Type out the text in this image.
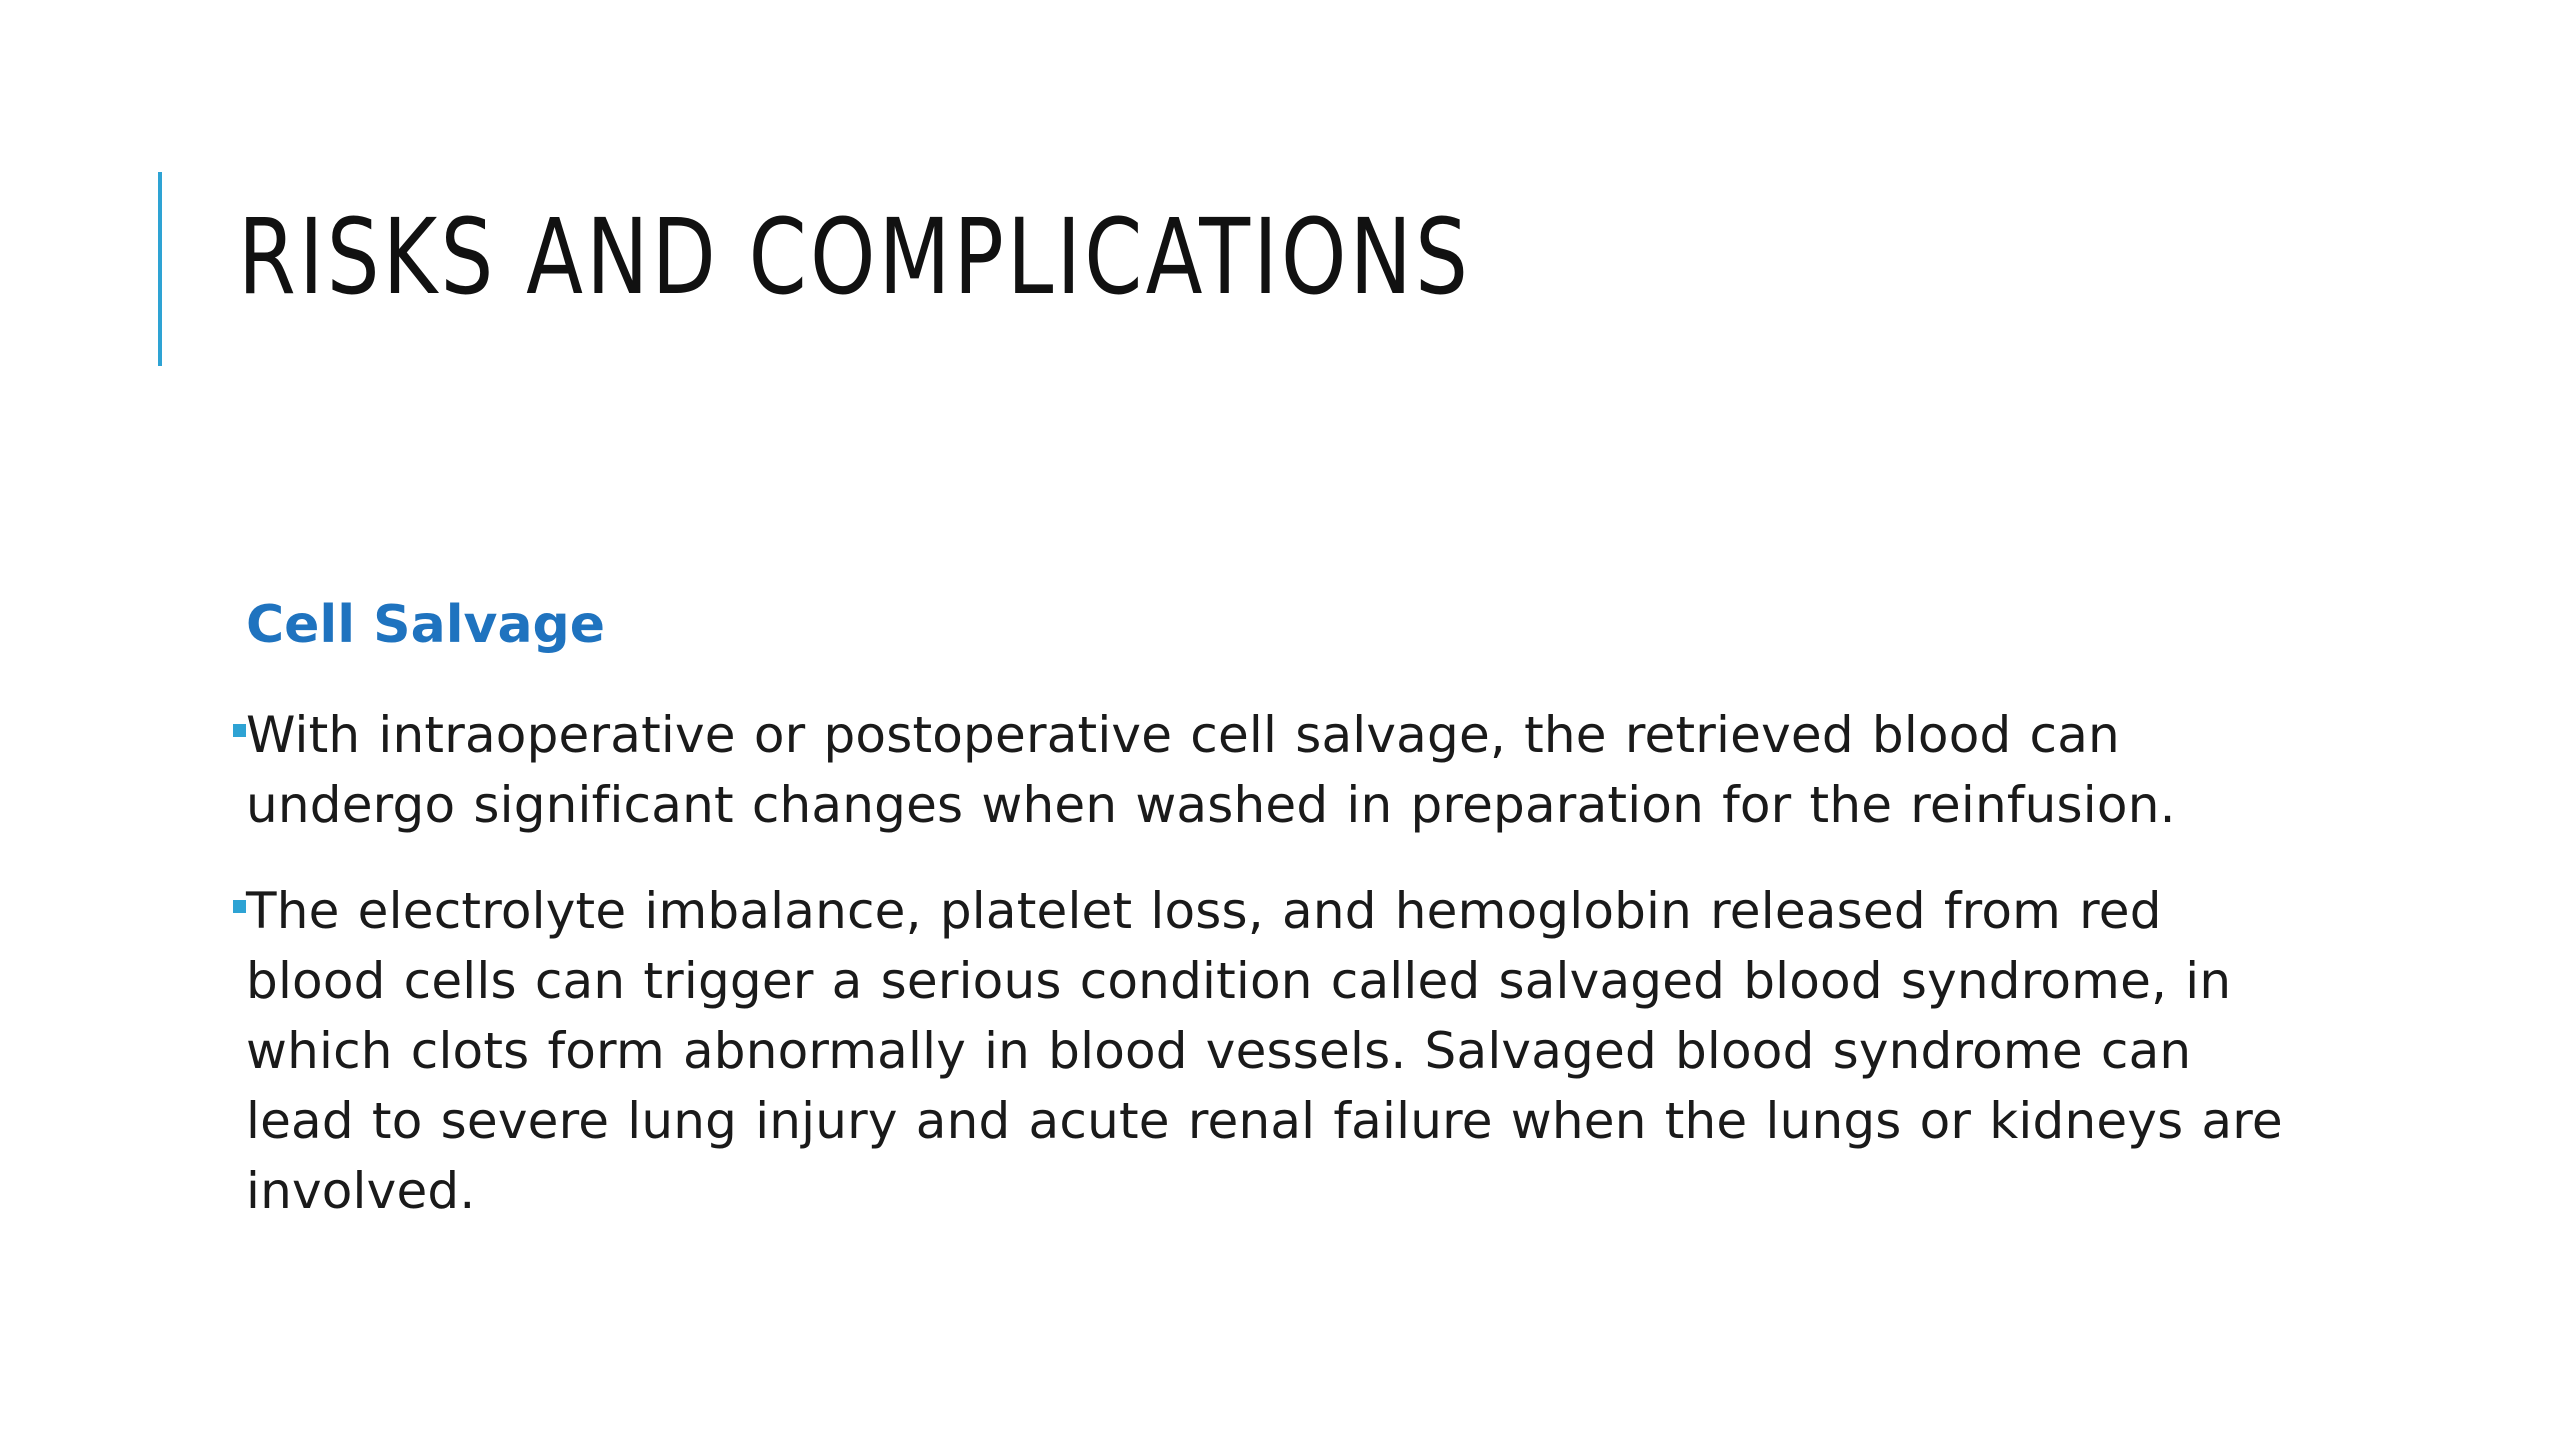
RISKS AND COMPLICATIONS
Cell Salvage
With intraoperative or postoperative cell salvage, the retrieved blood can undergo significant changes when washed in preparation for the reinfusion.
The electrolyte imbalance, platelet loss, and hemoglobin released from red blood cells can trigger a serious condition called salvaged blood syndrome, in which clots form abnormally in blood vessels. Salvaged blood syndrome can lead to severe lung injury and acute renal failure when the lungs or kidneys are involved.
